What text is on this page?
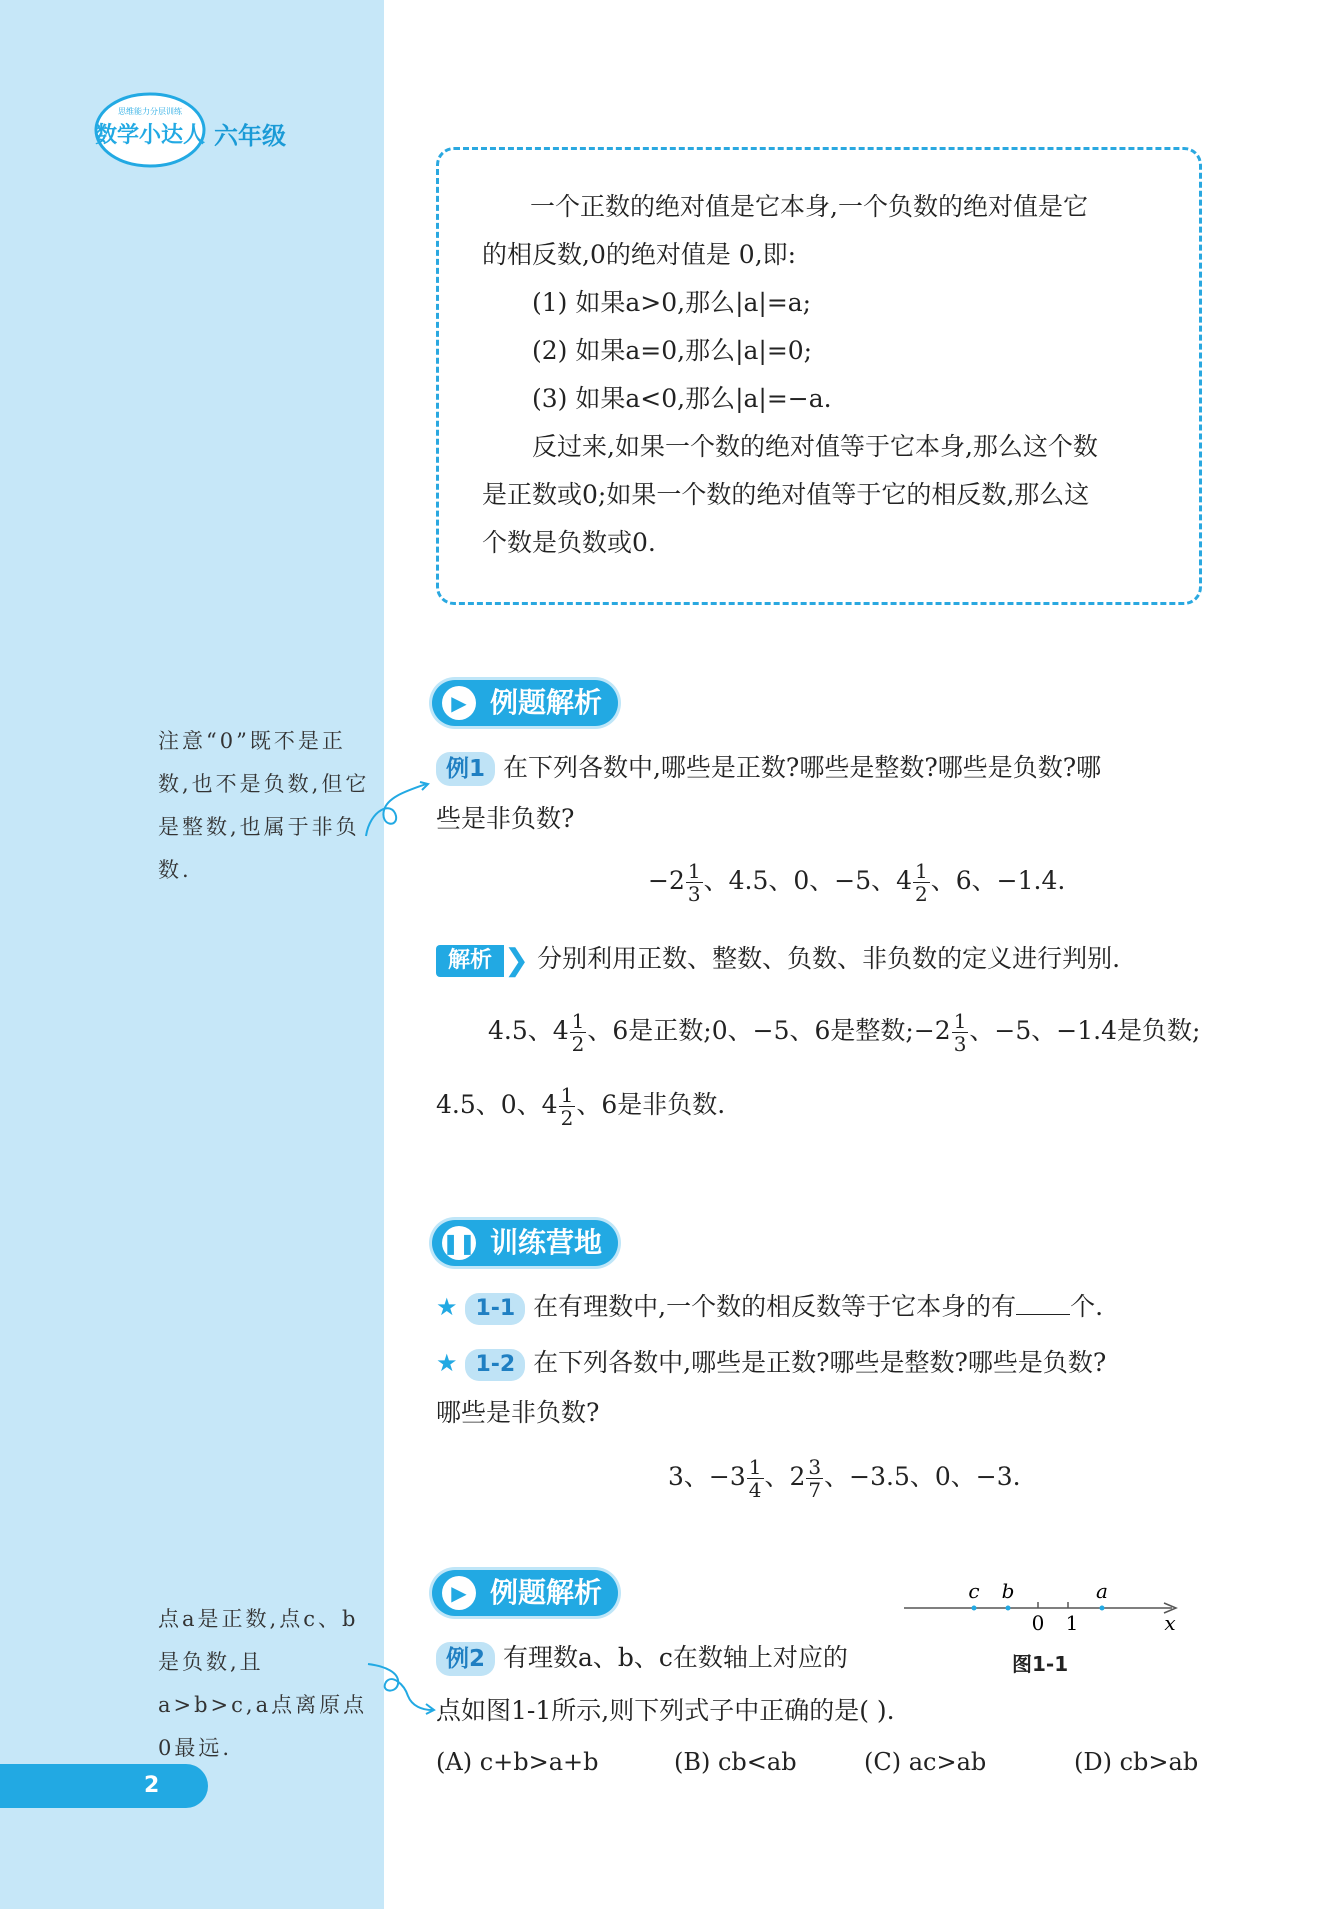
思维能力分层训练
数学小达人 六年级
一个正数的绝对值是它本身,一个负数的绝对值是它
的相反数,0的绝对值是 0,即:
(1) 如果a>0,那么|a|=a;
(2) 如果a=0,那么|a|=0;
(3) 如果a<0,那么|a|=−a.
反过来,如果一个数的绝对值等于它本身,那么这个数
是正数或0;如果一个数的绝对值等于它的相反数,那么这
个数是负数或0.
注意“0”既不是正数,也不是负数,但它是整数,也属于非负数.
▶ 例题解析
例1 在下列各数中,哪些是正数?哪些是整数?哪些是负数?哪
些是非负数?
$-2 \frac{1}{3}$ 、4.5、0、−5、$4 \frac{1}{2}$ 、6、−1.4.
解析 ❯ 分别利用正数、整数、负数、非负数的定义进行判别.
4.5、$4 \frac{1}{2}$ 、6是正数;0、−5、6是整数;−2 $\frac{1}{3}$ 、−5、−1.4是负数;
4.5、0、$4 \frac{1}{2}$ 、6是非负数.
❚❚ 训练营地
★ 1-1 在有理数中,一个数的相反数等于它本身的有 个.
★ 1-2 在下列各数中,哪些是正数?哪些是整数?哪些是负数?
哪些是非负数?
3、$-3 \frac{1}{4}$ 、$2 \frac{3}{7}$ 、−3.5、0、−3.
▶ 例题解析	c b	a
0 1	x
图1-1
例2 有理数a、b、c在数轴上对应的
点如图1-1所示,则下列式子中正确的是( ).
(A) c+b>a+b	(B) cb<ab	(C) ac>ab	(D) cb>ab
点a是正数,点c、b是负数,且a>b>c,a点离原点0最远.
2
